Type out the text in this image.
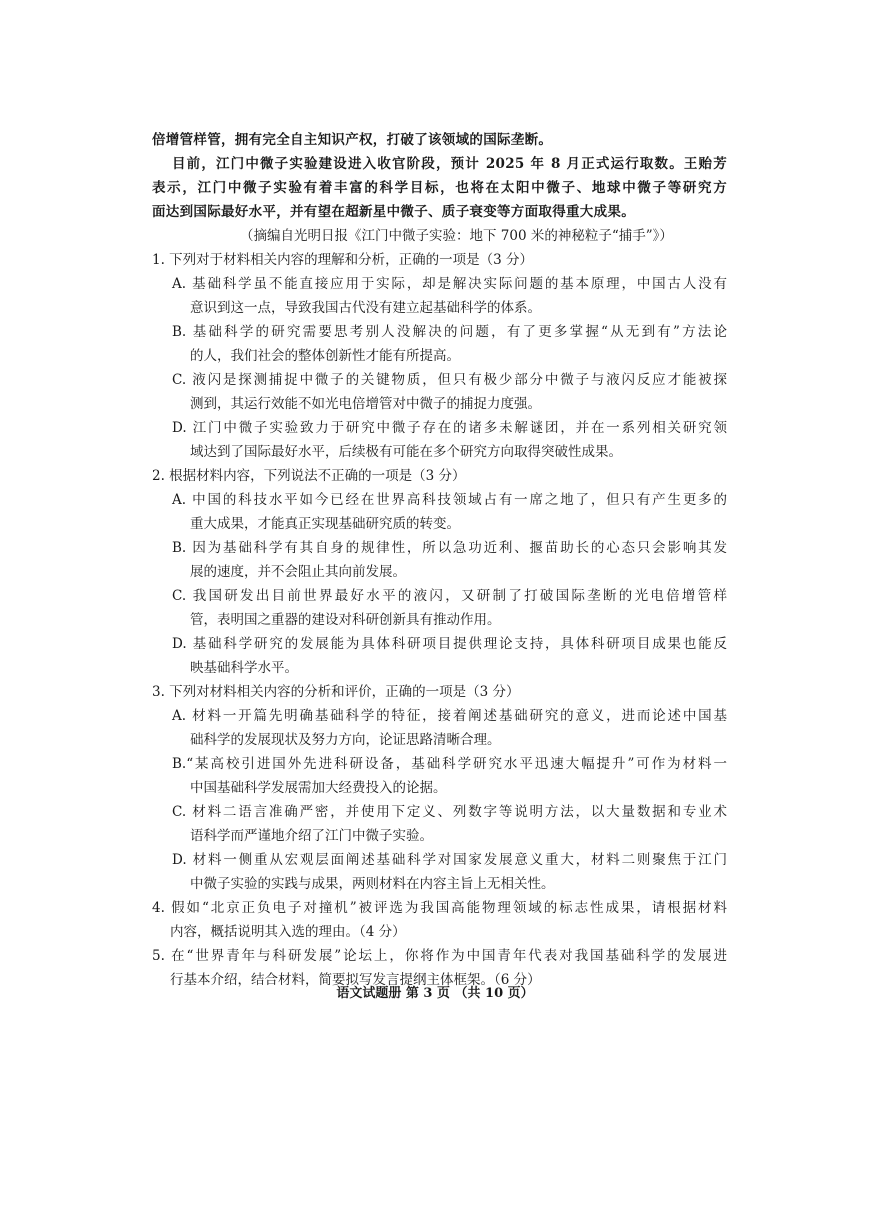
倍增管样管，拥有完全自主知识产权，打破了该领域的国际垄断。
目前，江门中微子实验建设进入收官阶段，预计 2025 年 8 月正式运行取数。王贻芳
表示，江门中微子实验有着丰富的科学目标，也将在太阳中微子、地球中微子等研究方
面达到国际最好水平，并有望在超新星中微子、质子衰变等方面取得重大成果。
（摘编自光明日报《江门中微子实验：地下 700 米的神秘粒子“捕手”》）
1. 下列对于材料相关内容的理解和分析，正确的一项是（3 分）
A. 基础科学虽不能直接应用于实际，却是解决实际问题的基本原理，中国古人没有
意识到这一点，导致我国古代没有建立起基础科学的体系。
B. 基础科学的研究需要思考别人没解决的问题，有了更多掌握“从无到有”方法论
的人，我们社会的整体创新性才能有所提高。
C. 液闪是探测捕捉中微子的关键物质，但只有极少部分中微子与液闪反应才能被探
测到，其运行效能不如光电倍增管对中微子的捕捉力度强。
D. 江门中微子实验致力于研究中微子存在的诸多未解谜团，并在一系列相关研究领
域达到了国际最好水平，后续极有可能在多个研究方向取得突破性成果。
2. 根据材料内容，下列说法不正确的一项是（3 分）
A. 中国的科技水平如今已经在世界高科技领域占有一席之地了，但只有产生更多的
重大成果，才能真正实现基础研究质的转变。
B. 因为基础科学有其自身的规律性，所以急功近利、揠苗助长的心态只会影响其发
展的速度，并不会阻止其向前发展。
C. 我国研发出目前世界最好水平的液闪，又研制了打破国际垄断的光电倍增管样
管，表明国之重器的建设对科研创新具有推动作用。
D. 基础科学研究的发展能为具体科研项目提供理论支持，具体科研项目成果也能反
映基础科学水平。
3. 下列对材料相关内容的分析和评价，正确的一项是（3 分）
A. 材料一开篇先明确基础科学的特征，接着阐述基础研究的意义，进而论述中国基
础科学的发展现状及努力方向，论证思路清晰合理。
B.“某高校引进国外先进科研设备，基础科学研究水平迅速大幅提升”可作为材料一
中国基础科学发展需加大经费投入的论据。
C. 材料二语言准确严密，并使用下定义、列数字等说明方法，以大量数据和专业术
语科学而严谨地介绍了江门中微子实验。
D. 材料一侧重从宏观层面阐述基础科学对国家发展意义重大，材料二则聚焦于江门
中微子实验的实践与成果，两则材料在内容主旨上无相关性。
4. 假如“北京正负电子对撞机”被评选为我国高能物理领域的标志性成果，请根据材料
内容，概括说明其入选的理由。（4 分）
5. 在“世界青年与科研发展”论坛上，你将作为中国青年代表对我国基础科学的发展进
行基本介绍，结合材料，简要拟写发言提纲主体框架。（6 分）
语文试题册 第 3 页 （共 10 页）
